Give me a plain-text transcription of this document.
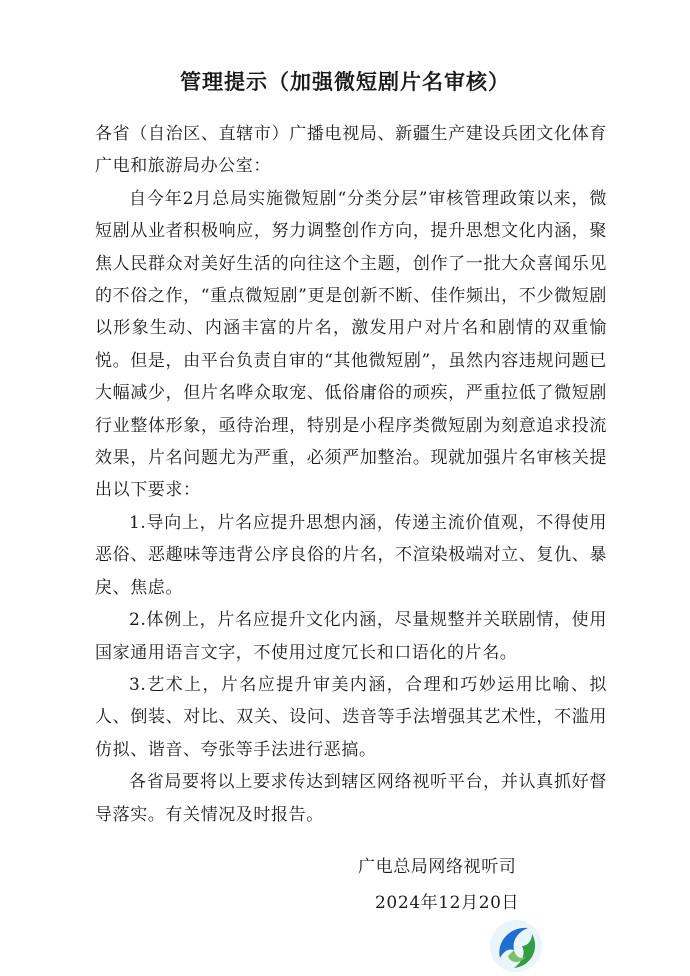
管理提示（加强微短剧片名审核）

各省（自治区、直辖市）广播电视局、新疆生产建设兵团文化体育广电和旅游局办公室：

自今年2月总局实施微短剧“分类分层”审核管理政策以来，微短剧从业者积极响应，努力调整创作方向，提升思想文化内涵，聚焦人民群众对美好生活的向往这个主题，创作了一批大众喜闻乐见的不俗之作，“重点微短剧”更是创新不断、佳作频出，不少微短剧以形象生动、内涵丰富的片名，激发用户对片名和剧情的双重愉悦。但是，由平台负责自审的“其他微短剧”，虽然内容违规问题已大幅减少，但片名哗众取宠、低俗庸俗的顽疾，严重拉低了微短剧行业整体形象，亟待治理，特别是小程序类微短剧为刻意追求投流效果，片名问题尤为严重，必须严加整治。现就加强片名审核关提出以下要求：

1.导向上，片名应提升思想内涵，传递主流价值观，不得使用恶俗、恶趣味等违背公序良俗的片名，不渲染极端对立、复仇、暴戾、焦虑。

2.体例上，片名应提升文化内涵，尽量规整并关联剧情，使用国家通用语言文字，不使用过度冗长和口语化的片名。

3.艺术上，片名应提升审美内涵，合理和巧妙运用比喻、拟人、倒装、对比、双关、设问、迭音等手法增强其艺术性，不滥用仿拟、谐音、夸张等手法进行恶搞。

各省局要将以上要求传达到辖区网络视听平台，并认真抓好督导落实。有关情况及时报告。

广电总局网络视听司
2024年12月20日
